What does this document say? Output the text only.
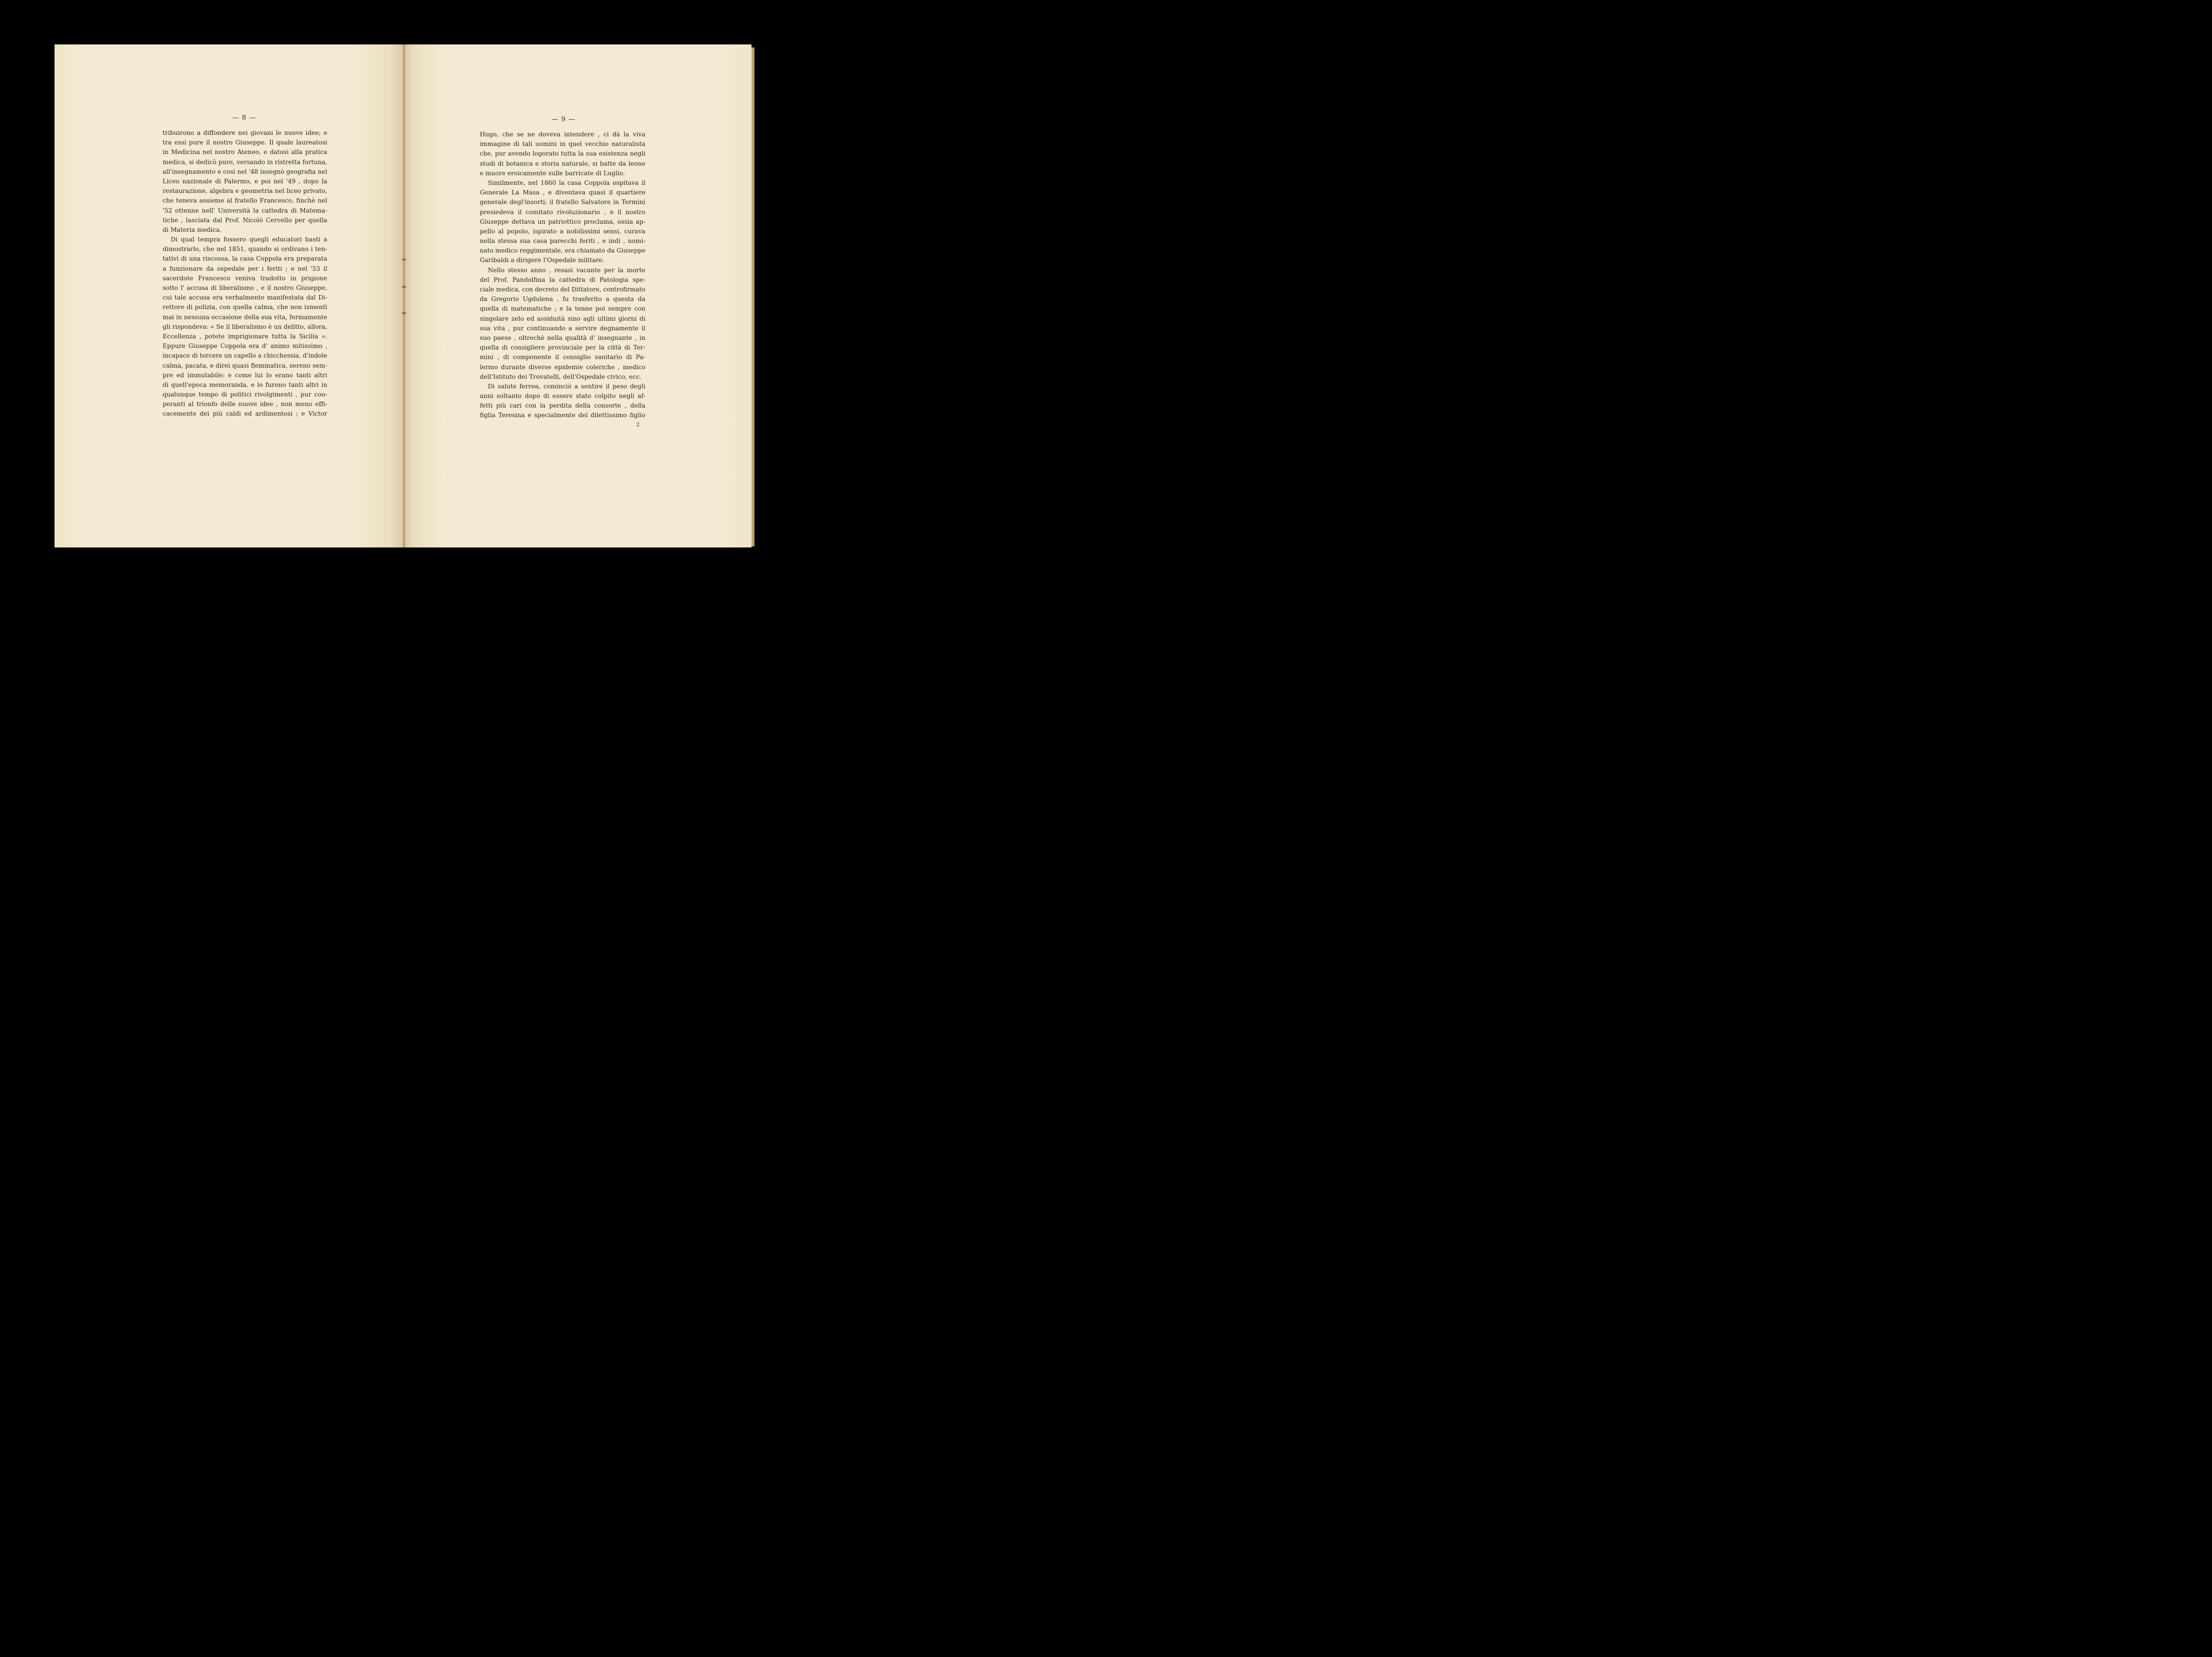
— 8 —
tribuirono a diffondere nei giovani le nuove idee; e
tra essi pure il nostro Giuseppe. Il quale laureatosi
in Medicina nel nostro Ateneo, e datosi alla pratica
medica, si dedicò pure, versando in ristretta fortuna,
all'insegnamento e così nel '48 insegnò geografia nel
Liceo nazionale di Palermo, e poi nel '49 , dopo la
restaurazione, algebra e geometria nel liceo privato,
che teneva assieme al fratello Francesco, finchè nel
'52 ottenne nell' Università la cattedra di Matema-
tiche , lasciata dal Prof. Nicolò Cervello per quella
di Materia medica.
Di qual tempra fossero quegli educatori basti a
dimostrarlo, che nel 1851, quando si ordivano i ten-
tativi di una riscossa, la casa Coppola era preparata
a funzionare da ospedale per i feriti ; e nel '53 il
sacerdote Francesco veniva tradotto in prigione
sotto l' accusa di liberalismo , e il nostro Giuseppe,
cui tale accusa era verbalmente manifestata dal Di-
rettore di polizia, con quella calma, che non ismentì
mai in nessuna occasione della sua vita, fermamente
gli rispondeva: « Se il liberalismo è un delitto, allora,
Eccellenza , potete imprigionare tutta la Sicilia ».
Eppure Giuseppe Coppola era d' animo mitissimo ,
incapace di torcere un capello a chicchessia, d'indole
calma, pacata, e direi quasi flemmatica, sereno sem-
pre ed immutabile: e come lui lo erano tanti altri
di quell'epoca memoranda, e lo furono tanti altri in
qualunque tempo di politici rivolgimenti , pur coo-
peranti al trionfo delle nuove idee , non meno effi-
cacemente dei più caldi ed ardimentosi ; e Victor
— 9 —
Hugo, che se ne doveva intendere , ci dà la viva
immagine di tali uomini in quel vecchio naturalista
che, pur avendo logorato tutta la sua esistenza negli
studi di botanica e storia naturale, si batte da leone
e muore eroicamente sulle barricate di Luglio.
Similmente, nel 1860 la casa Coppola ospitava il
Generale La Masa , e diventava quasi il quartiere
generale degl'insorti; il fratello Salvatore in Termini
presiedeva il comitato rivoluzionario , e il nostro
Giuseppe dettava un patriottico proclama, ossia ap-
pello al popolo, ispirato a nobilissimi sensi, curava
nella stessa sua casa parecchi feriti , e indi , nomi-
nato medico reggimentale, era chiamato da Giuseppe
Garibaldi a dirigere l'Ospedale militare.
Nello stesso anno , resasi vacante per la morte
del Prof. Pandolfina la cattedra di Patologia spe-
ciale medica, con decreto del Dittatore, controfirmato
da Gregorio Ugdulena , fu trasferito a questa da
quella di matematiche ; e la tenne poi sempre con
singolare zelo ed assiduità sino agli ultimi giorni di
sua vita , pur continuando a servire degnamente il
suo paese , oltrechè nella qualità d' insegnante , in
quella di consigliere provinciale per la città di Ter-
mini , di componente il consiglio sanitario di Pa-
lermo durante diverse epidemie coleriche , medico
dell'Istituto dei Trovatelli, dell'Ospedale civico, ecc.
Di salute ferrea, cominciò a sentire il peso degli
anni soltanto dopo di essere stato colpito negli af-
fetti più cari con la perdita della consorte , della
figlia Teresina e specialmente del dilettissimo figlio
2
